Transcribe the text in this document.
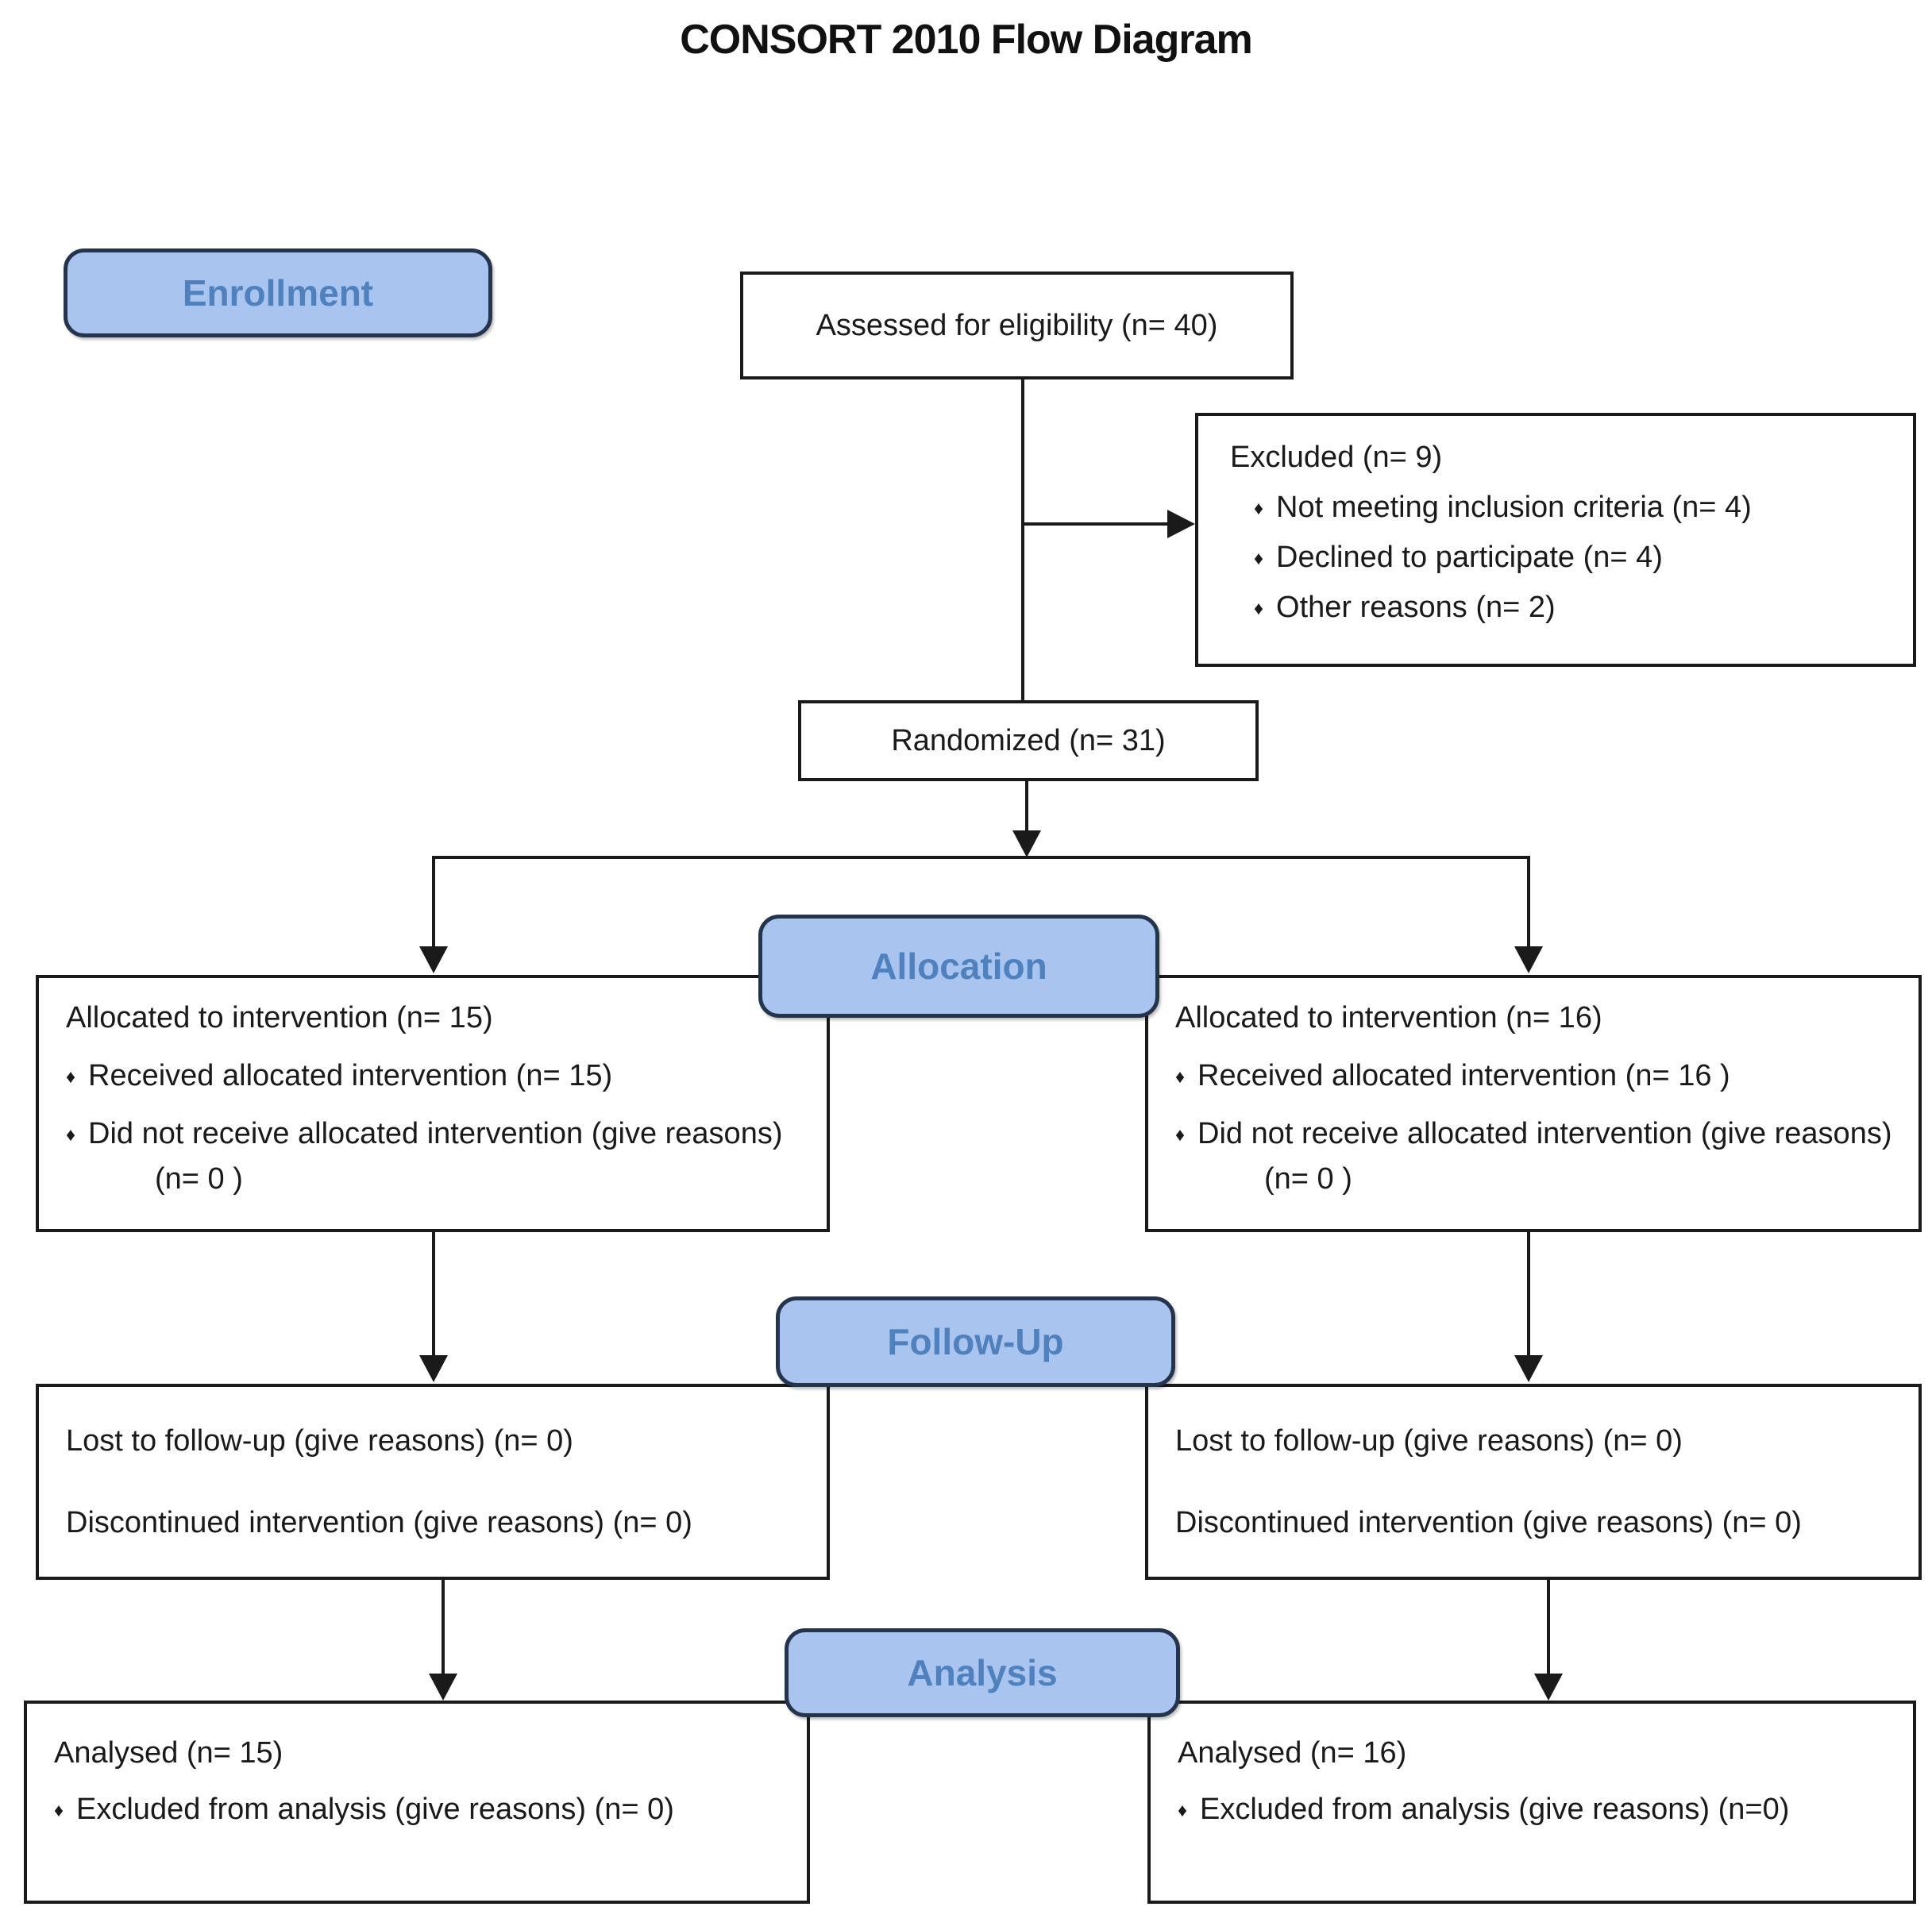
CONSORT 2010 Flow Diagram
Enrollment
Allocation
Follow-Up
Analysis
Assessed for eligibility (n= 40)
Excluded (n= 9)
♦ Not meeting inclusion criteria (n= 4)
♦ Declined to participate (n= 4)
♦ Other reasons (n= 2)
Randomized (n= 31)
Allocated to intervention (n= 15)
♦ Received allocated intervention (n= 15)
♦ Did not receive allocated intervention (give reasons) (n= 0 )
Allocated to intervention (n= 16)
♦ Received allocated intervention (n= 16 )
♦ Did not receive allocated intervention (give reasons) (n= 0 )
Lost to follow-up (give reasons) (n= 0)
Discontinued intervention (give reasons) (n= 0)
Lost to follow-up (give reasons) (n= 0)
Discontinued intervention (give reasons) (n= 0)
Analysed (n= 15)
♦ Excluded from analysis (give reasons) (n= 0)
Analysed (n= 16)
♦ Excluded from analysis (give reasons) (n=0)
